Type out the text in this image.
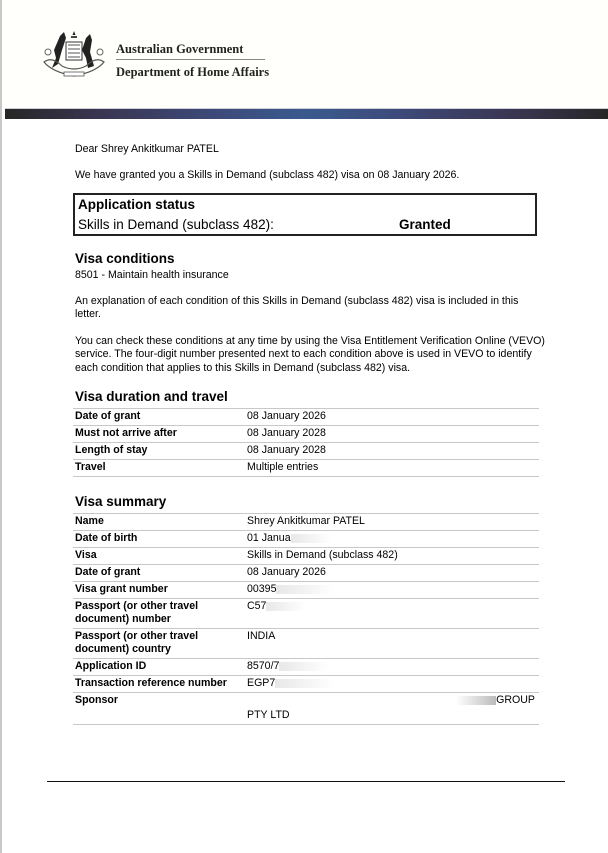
Australian Government
Department of Home Affairs
Dear Shrey Ankitkumar PATEL
We have granted you a Skills in Demand (subclass 482) visa on 08 January 2026.
Application status
Skills in Demand (subclass 482):	Granted
Visa conditions
8501 - Maintain health insurance
An explanation of each condition of this Skills in Demand (subclass 482) visa is included in this letter.
You can check these conditions at any time by using the Visa Entitlement Verification Online (VEVO) service. The four-digit number presented next to each condition above is used in VEVO to identify each condition that applies to this Skills in Demand (subclass 482) visa.
Visa duration and travel
Date of grant	08 January 2026
Must not arrive after	08 January 2028
Length of stay	08 January 2028
Travel	Multiple entries
Visa summary
Name	Shrey Ankitkumar PATEL
Date of birth	01 Janua
Visa	Skills in Demand (subclass 482)
Date of grant	08 January 2026
Visa grant number	00395
Passport (or other travel document) number	C57
Passport (or other travel document) country	INDIA
Application ID	8570/7
Transaction reference number	EGP7
Sponsor	GROUP
PTY LTD
